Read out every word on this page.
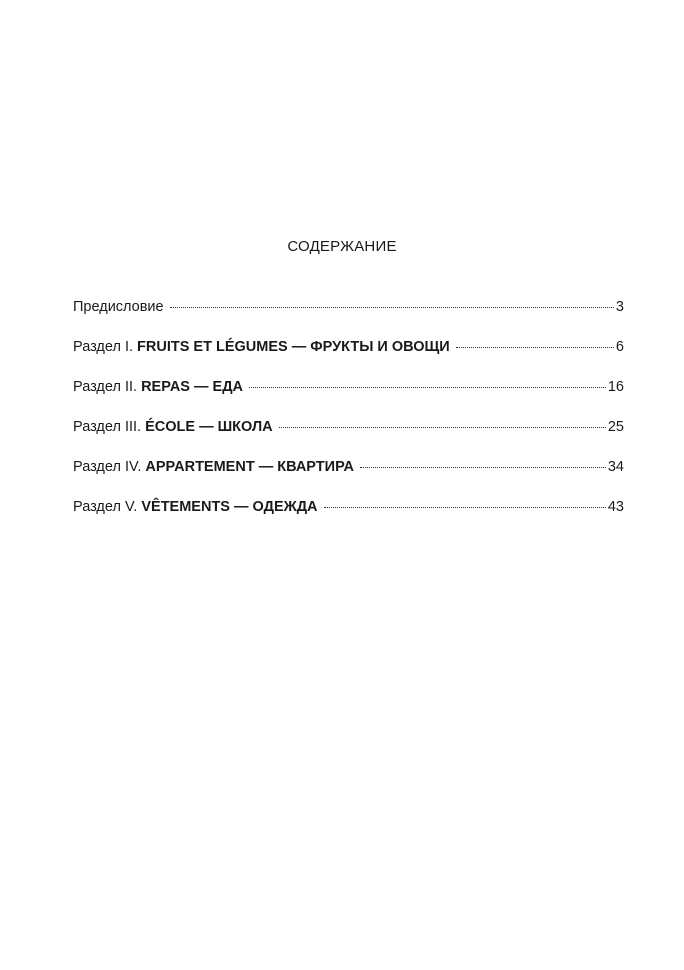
СОДЕРЖАНИЕ
Предисловие	3
Раздел I. FRUITS ET LÉGUMES — ФРУКТЫ И ОВОЩИ	6
Раздел II. REPAS — ЕДА	16
Раздел III. ÉCOLE — ШКОЛА	25
Раздел IV. APPARTEMENT — КВАРТИРА	34
Раздел V. VÊTEMENTS — ОДЕЖДА	43
